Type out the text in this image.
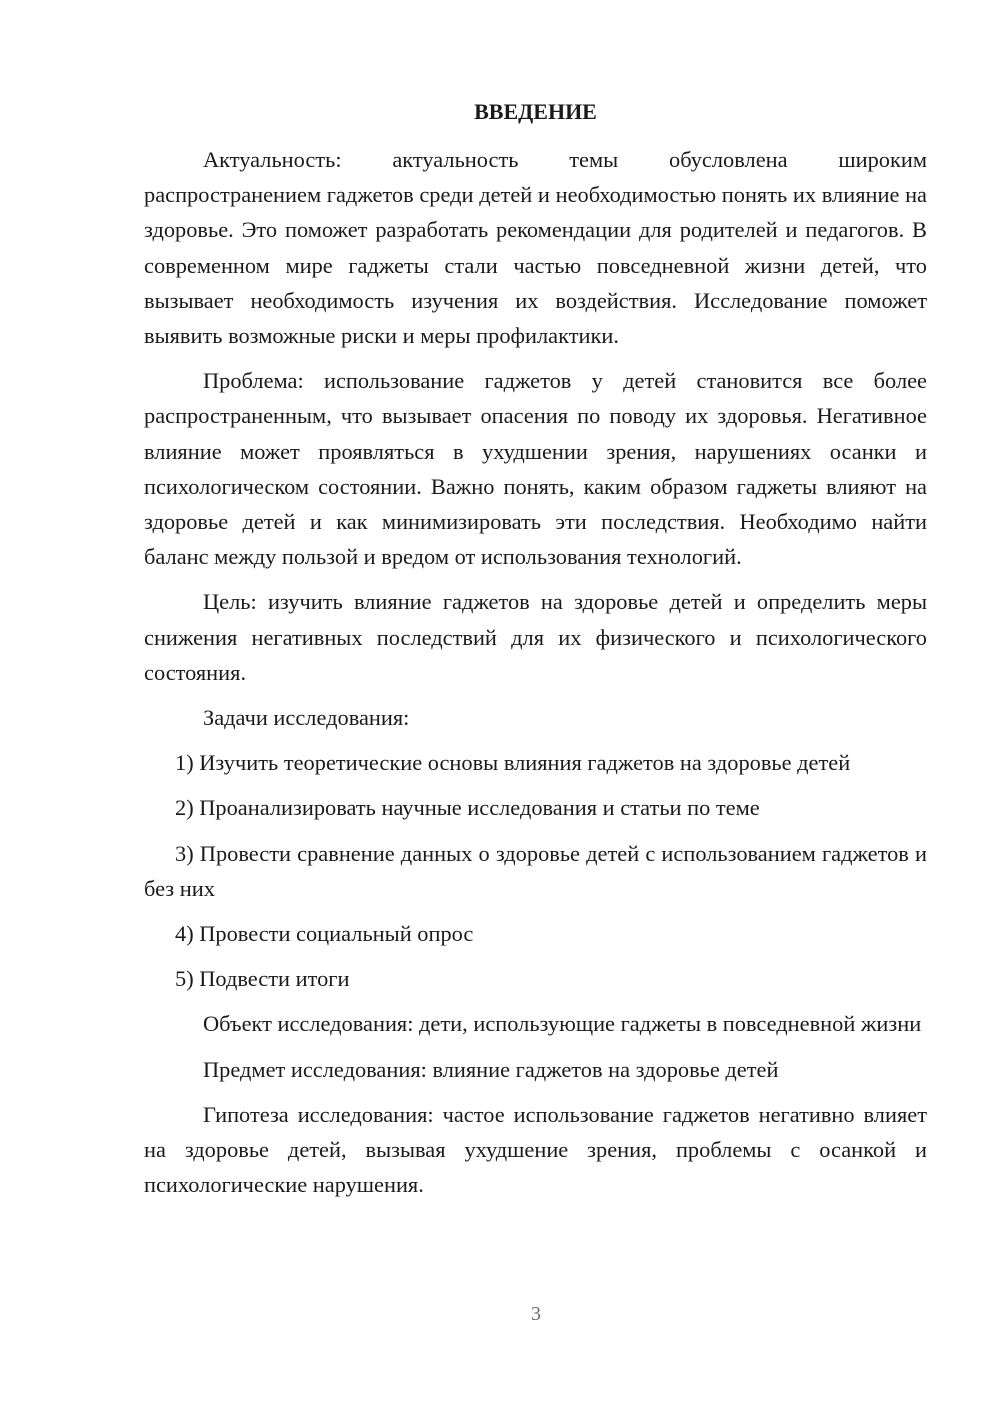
ВВЕДЕНИЕ

Актуальность: актуальность темы обусловлена широким распространением гаджетов среди детей и необходимостью понять их влияние на здоровье. Это поможет разработать рекомендации для родителей и педагогов. В современном мире гаджеты стали частью повседневной жизни детей, что вызывает необходимость изучения их воздействия. Исследование поможет выявить возможные риски и меры профилактики.

Проблема: использование гаджетов у детей становится все более распространенным, что вызывает опасения по поводу их здоровья. Негативное влияние может проявляться в ухудшении зрения, нарушениях осанки и психологическом состоянии. Важно понять, каким образом гаджеты влияют на здоровье детей и как минимизировать эти последствия. Необходимо найти баланс между пользой и вредом от использования технологий.

Цель: изучить влияние гаджетов на здоровье детей и определить меры снижения негативных последствий для их физического и психологического состояния.

Задачи исследования:

1) Изучить теоретические основы влияния гаджетов на здоровье детей

2) Проанализировать научные исследования и статьи по теме

3) Провести сравнение данных о здоровье детей с использованием гаджетов и без них

4) Провести социальный опрос

5) Подвести итоги

Объект исследования: дети, использующие гаджеты в повседневной жизни

Предмет исследования: влияние гаджетов на здоровье детей

Гипотеза исследования: частое использование гаджетов негативно влияет на здоровье детей, вызывая ухудшение зрения, проблемы с осанкой и психологические нарушения.

3
